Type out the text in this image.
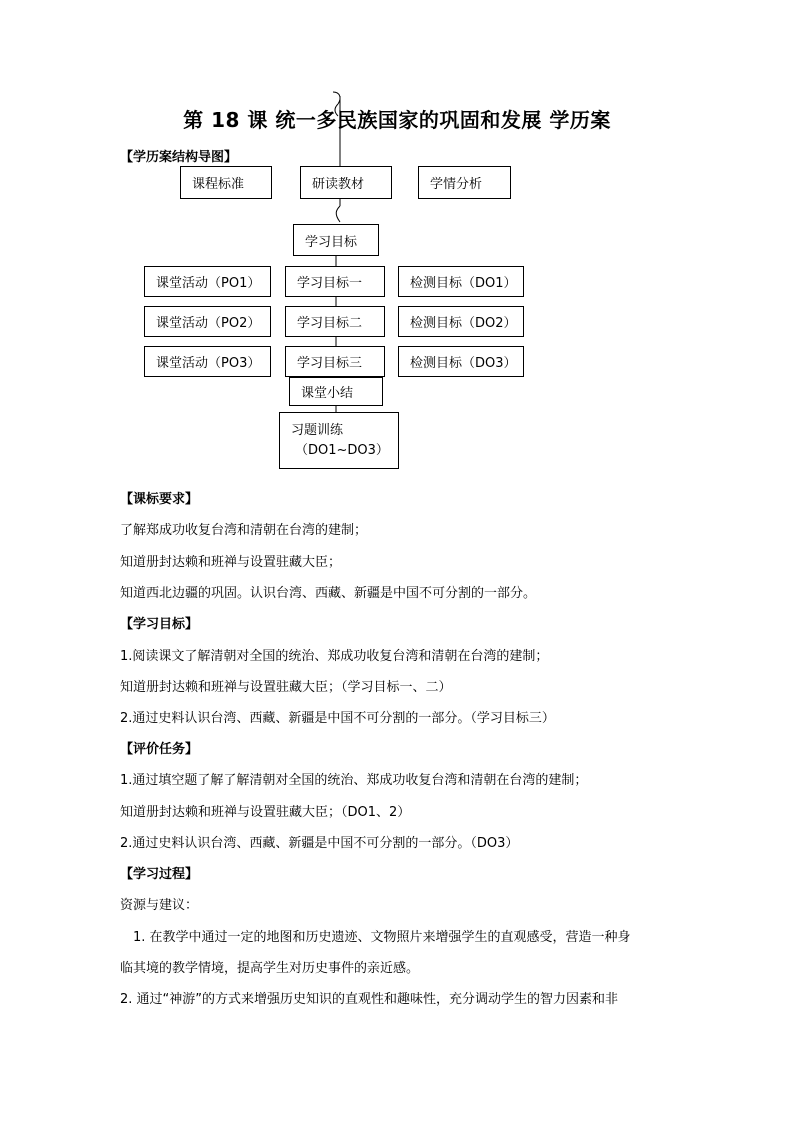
第 18 课 统一多民族国家的巩固和发展 学历案
【学历案结构导图】
课程标准	研读教材	学情分析
学习目标
课堂活动（PO1）	学习目标一	检测目标（DO1）
课堂活动（PO2）	学习目标二	检测目标（DO2）
课堂活动（PO3）	学习目标三	检测目标（DO3）
课堂小结
习题训练
（DO1~DO3）
【课标要求】
了解郑成功收复台湾和清朝在台湾的建制；
知道册封达赖和班禅与设置驻藏大臣；
知道西北边疆的巩固。认识台湾、西藏、新疆是中国不可分割的一部分。
【学习目标】
1.阅读课文了解清朝对全国的统治、郑成功收复台湾和清朝在台湾的建制；
知道册封达赖和班禅与设置驻藏大臣；（学习目标一、二）
2.通过史料认识台湾、西藏、新疆是中国不可分割的一部分。（学习目标三）
【评价任务】
1.通过填空题了解了解清朝对全国的统治、郑成功收复台湾和清朝在台湾的建制；
知道册封达赖和班禅与设置驻藏大臣；（DO1、2）
2.通过史料认识台湾、西藏、新疆是中国不可分割的一部分。（DO3）
【学习过程】
资源与建议：
1. 在教学中通过一定的地图和历史遗迹、文物照片来增强学生的直观感受，营造一种身
临其境的教学情境，提高学生对历史事件的亲近感。
2. 通过“神游”的方式来增强历史知识的直观性和趣味性，充分调动学生的智力因素和非
